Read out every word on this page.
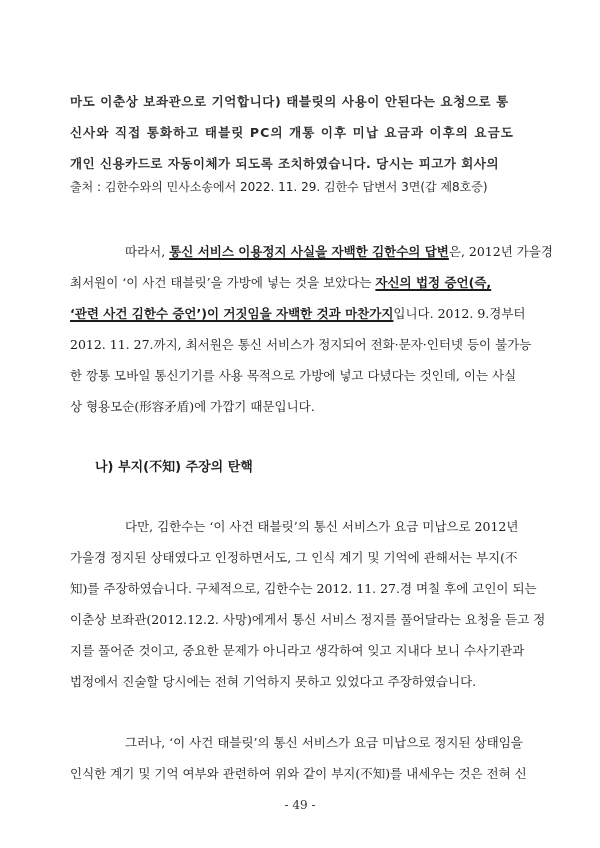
마도 이춘상 보좌관으로 기억합니다) 태블릿의 사용이 안된다는 요청으로 통
신사와 직접 통화하고 태블릿 PC의 개통 이후 미납 요금과 이후의 요금도
개인 신용카드로 자동이체가 되도록 조치하였습니다. 당시는 피고가 회사의
출처 : 김한수와의 민사소송에서 2022. 11. 29. 김한수 답변서 3면(갑 제8호증)
따라서, 통신 서비스 이용정지 사실을 자백한 김한수의 답변은, 2012년 가을경
최서원이 ‘이 사건 태블릿’을 가방에 넣는 것을 보았다는 자신의 법정 증언(즉,
‘관련 사건 김한수 증언’)이 거짓임을 자백한 것과 마찬가지입니다. 2012. 9.경부터
2012. 11. 27.까지, 최서원은 통신 서비스가 정지되어 전화·문자·인터넷 등이 불가능
한 깡통 모바일 통신기기를 사용 목적으로 가방에 넣고 다녔다는 것인데, 이는 사실
상 형용모순(形容矛盾)에 가깝기 때문입니다.
나) 부지(不知) 주장의 탄핵
다만, 김한수는 ‘이 사건 태블릿’의 통신 서비스가 요금 미납으로 2012년
가을경 정지된 상태였다고 인정하면서도, 그 인식 계기 및 기억에 관해서는 부지(不
知)를 주장하였습니다. 구체적으로, 김한수는 2012. 11. 27.경 며칠 후에 고인이 되는
이춘상 보좌관(2012.12.2. 사망)에게서 통신 서비스 정지를 풀어달라는 요청을 듣고 정
지를 풀어준 것이고, 중요한 문제가 아니라고 생각하여 잊고 지내다 보니 수사기관과
법정에서 진술할 당시에는 전혀 기억하지 못하고 있었다고 주장하였습니다.
그러나, ‘이 사건 태블릿’의 통신 서비스가 요금 미납으로 정지된 상태임을
인식한 계기 및 기억 여부와 관련하여 위와 같이 부지(不知)를 내세우는 것은 전혀 신
- 49 -
